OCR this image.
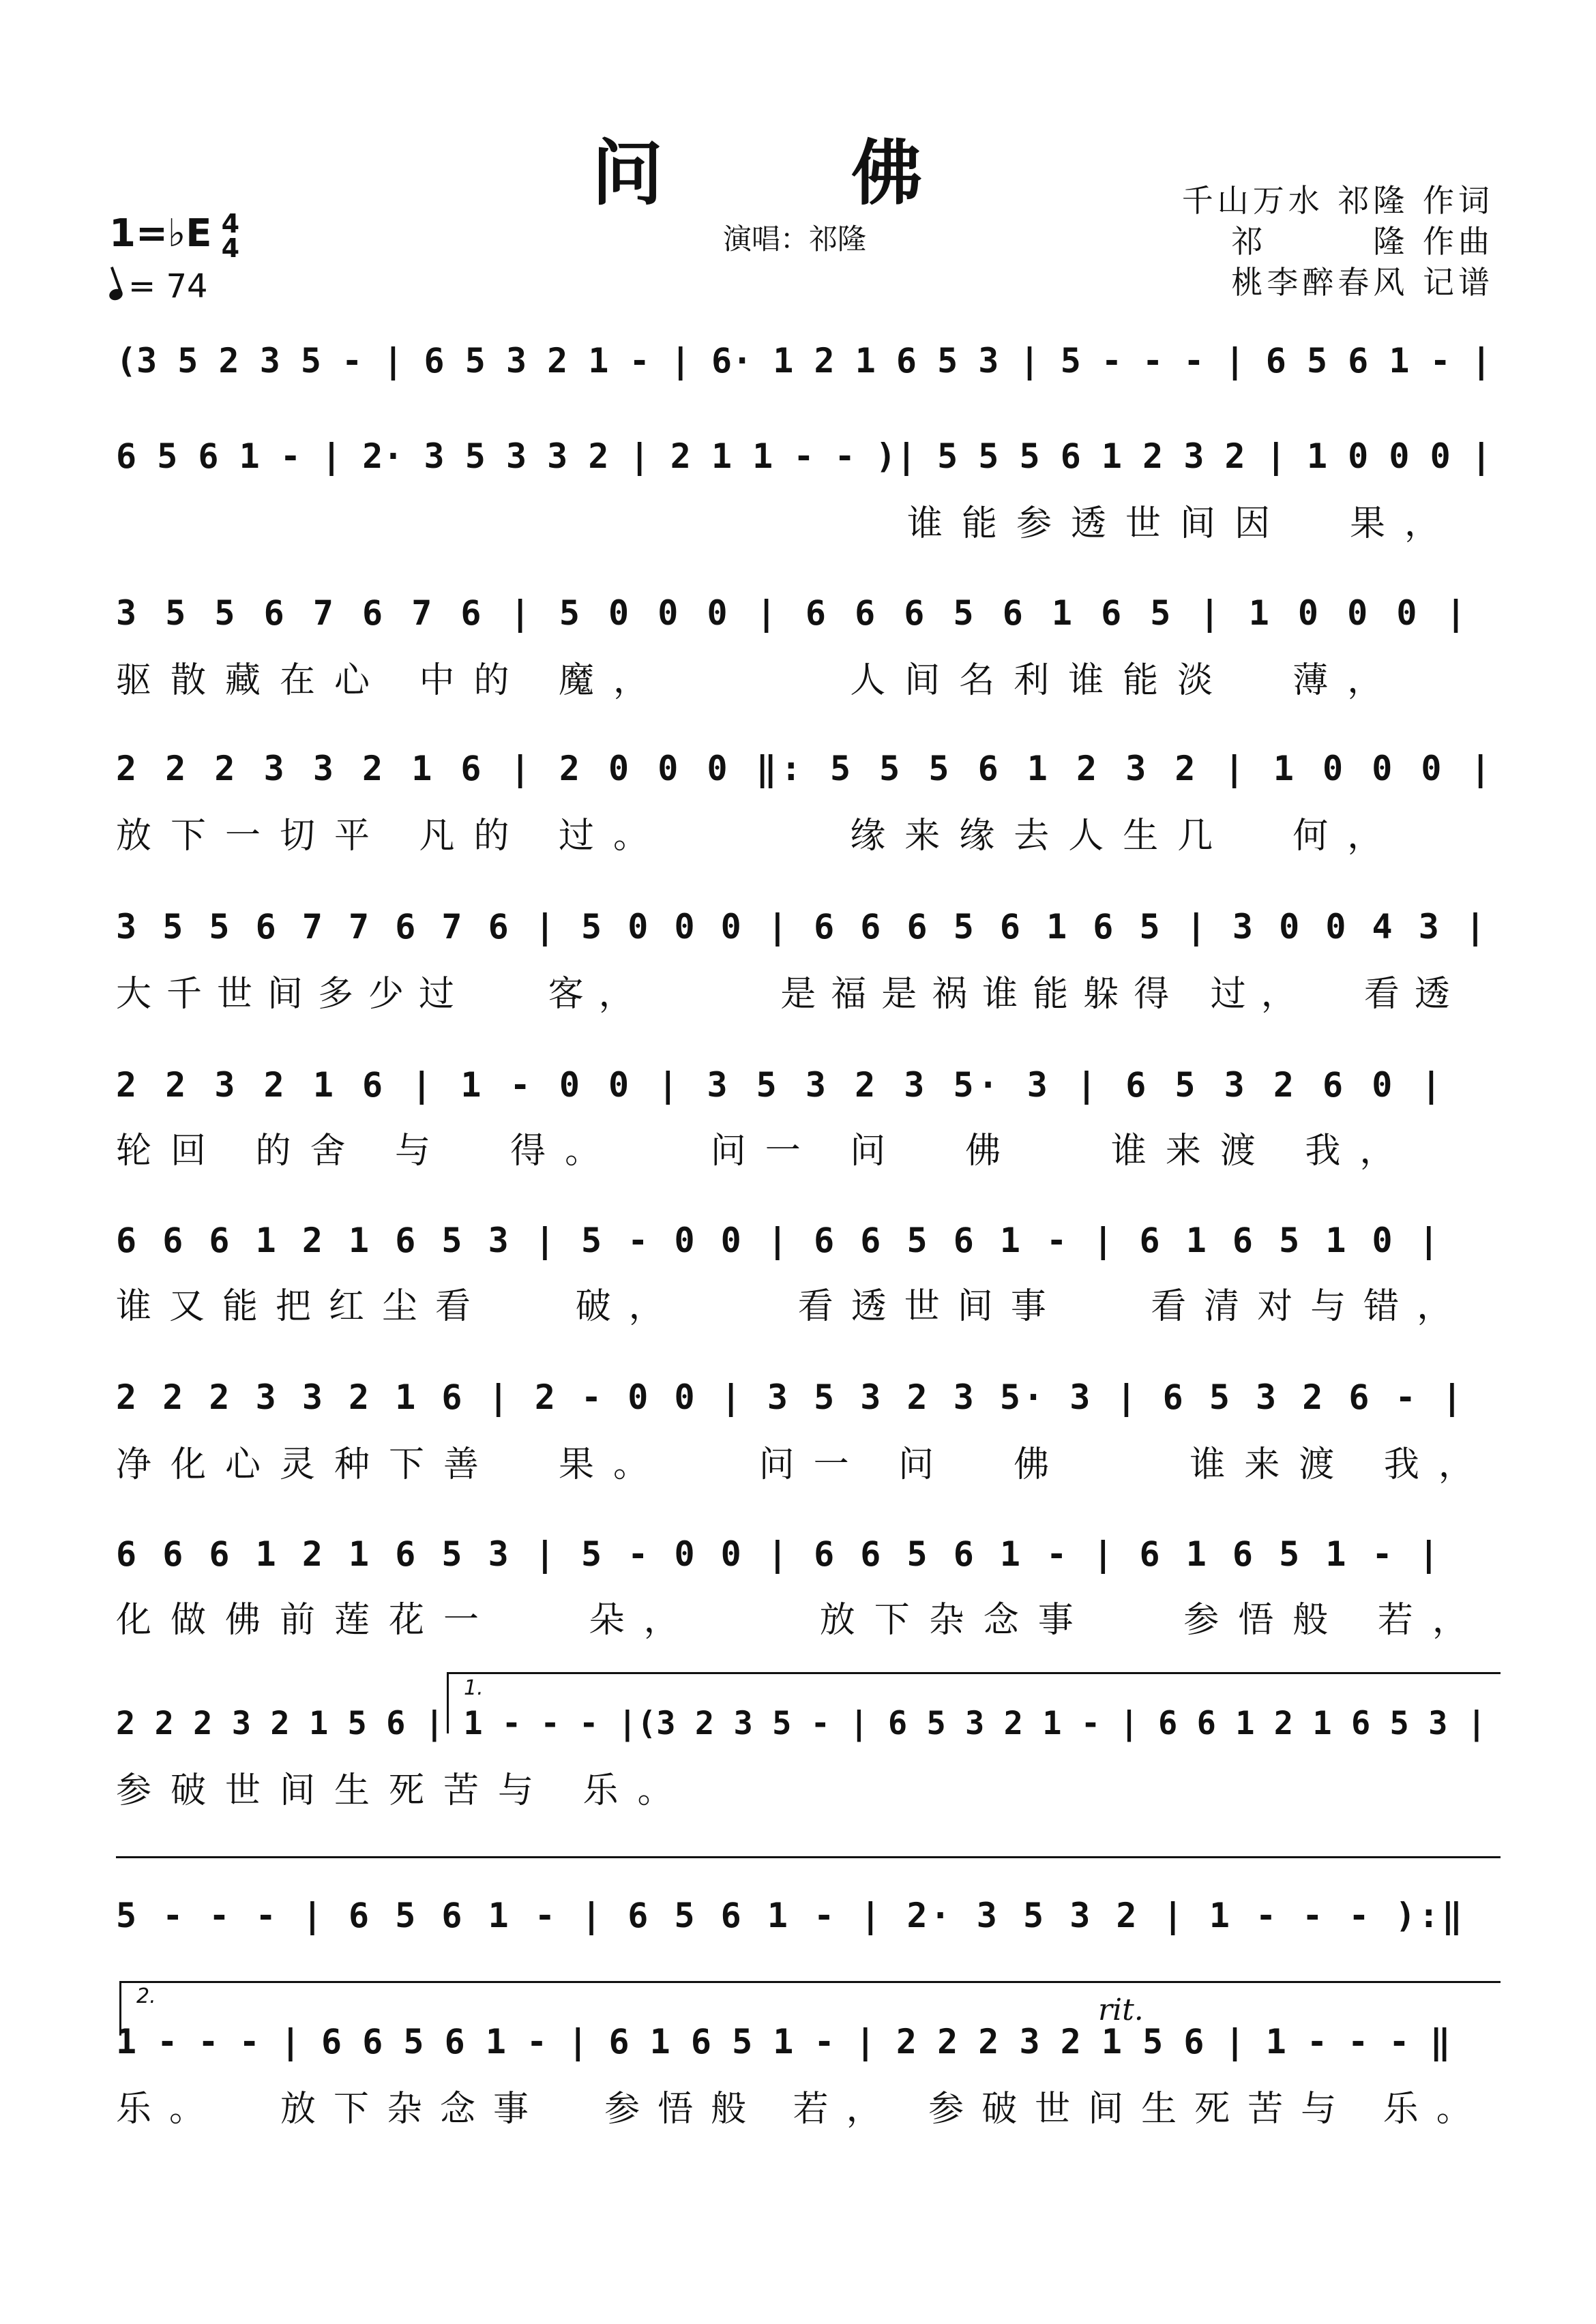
问 佛
演唱：祁隆
千山万水 祁隆 作词
祁　　　隆 作曲
桃李醉春风 记谱
1=♭E 4
4
= 74
rit.
1.
2.
(3 5 2 3 5 - | 6 5 3 2 1 - | 6· 1 2 1 6 5 3 | 5 - - - | 6 5 6 1 - |
6 5 6 1 - | 2· 3 5 3 3 2 | 2 1 1 - - )| 5 5 5 6 1 2 3 2 | 1 0 0 0 |
谁能参透世间因  果，
3 5 5 6 7 6 7 6 | 5 0 0 0 | 6 6 6 5 6 1 6 5 | 1 0 0 0 |
驱散藏在心 中的 魔，      人间名利谁能淡  薄，
2 2 2 3 3 2 1 6 | 2 0 0 0 ‖: 5 5 5 6 1 2 3 2 | 1 0 0 0 |
放下一切平 凡的 过。      缘来缘去人生几  何，
3 5 5 6 7 7 6 7 6 | 5 0 0 0 | 6 6 6 5 6 1 6 5 | 3 0 0 4 3 |
大千世间多少过   客，     是福是祸谁能躲得 过，  看透
2 2 3 2 1 6 | 1 - 0 0 | 3 5 3 2 3 5· 3 | 6 5 3 2 6 0 |
轮回 的舍 与  得。   问一 问  佛   谁来渡 我，
6 6 6 1 2 1 6 5 3 | 5 - 0 0 | 6 6 5 6 1 - | 6 1 6 5 1 0 |
谁又能把红尘看   破，    看透世间事   看清对与错，
2 2 2 3 3 2 1 6 | 2 - 0 0 | 3 5 3 2 3 5· 3 | 6 5 3 2 6 - |
净化心灵种下善  果。   问一 问  佛    谁来渡 我，
6 6 6 1 2 1 6 5 3 | 5 - 0 0 | 6 6 5 6 1 - | 6 1 6 5 1 - |
化做佛前莲花一   朵，    放下杂念事   参悟般 若，
2 2 2 3 2 1 5 6 | 1 - - - |(3 2 3 5 - | 6 5 3 2 1 - | 6 6 1 2 1 6 5 3 |
参破世间生死苦与 乐。
5 - - - | 6 5 6 1 - | 6 5 6 1 - | 2· 3 5 3 2 | 1 - - - ):‖
1 - - - | 6 6 5 6 1 - | 6 1 6 5 1 - | 2 2 2 3 2 1 5 6 | 1 - - - ‖
乐。  放下杂念事  参悟般 若， 参破世间生死苦与 乐。
